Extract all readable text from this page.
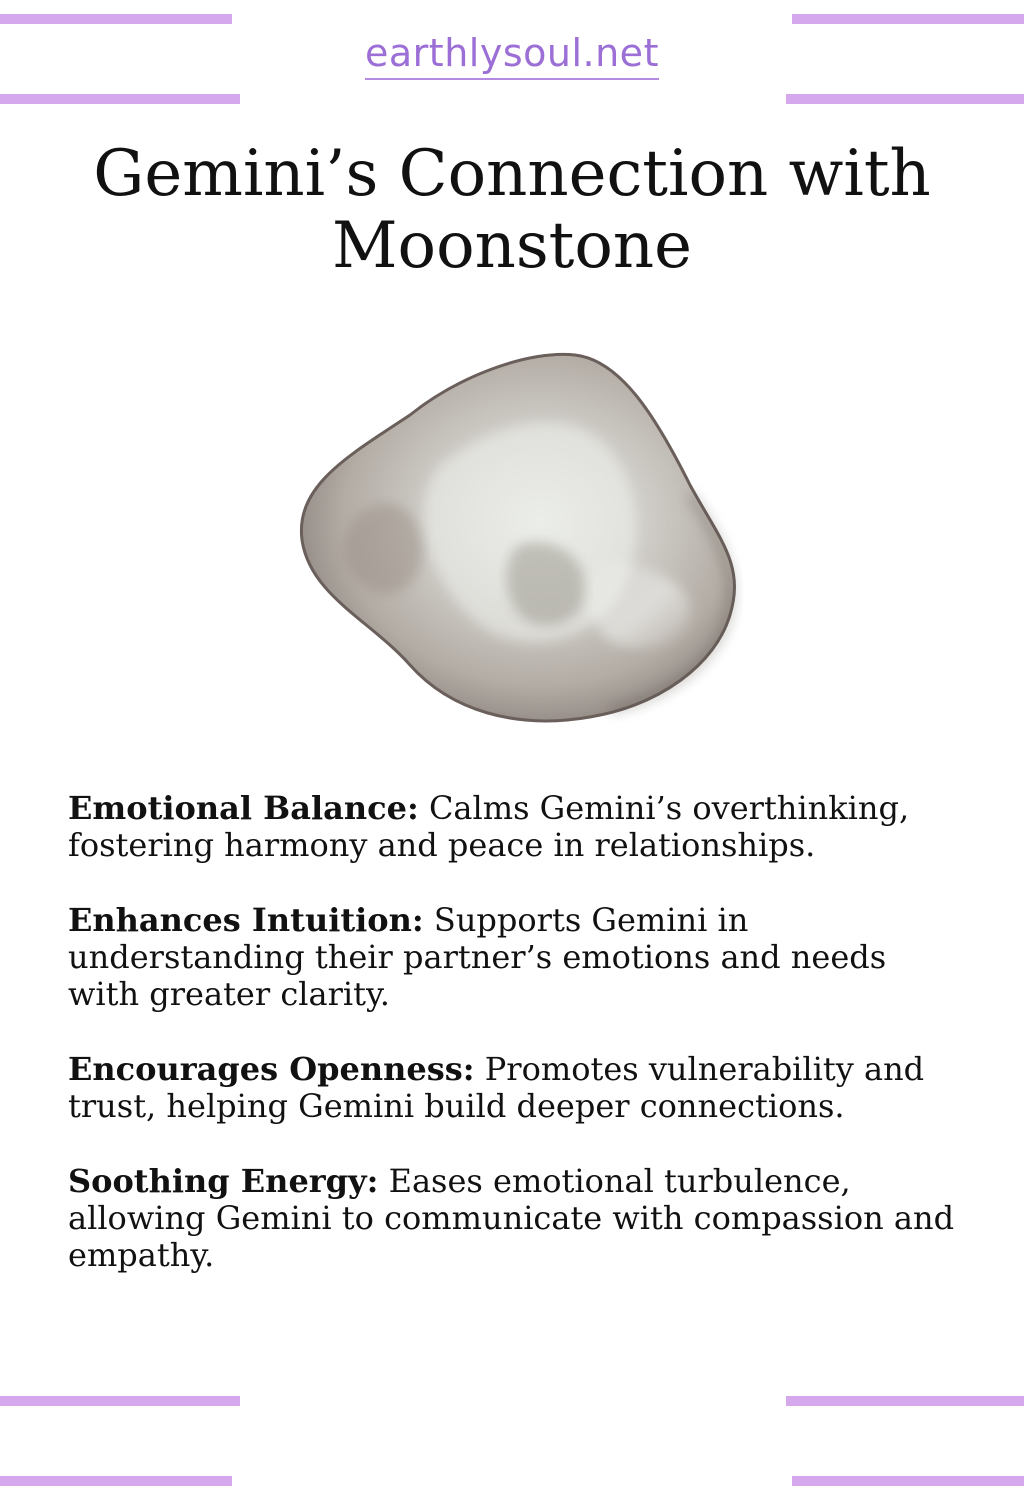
earthlysoul.net
Gemini’s Connection with Moonstone

Emotional Balance: Calms Gemini’s overthinking, fostering harmony and peace in relationships.

Enhances Intuition: Supports Gemini in understanding their partner’s emotions and needs with greater clarity.

Encourages Openness: Promotes vulnerability and trust, helping Gemini build deeper connections.

Soothing Energy: Eases emotional turbulence, allowing Gemini to communicate with compassion and empathy.
